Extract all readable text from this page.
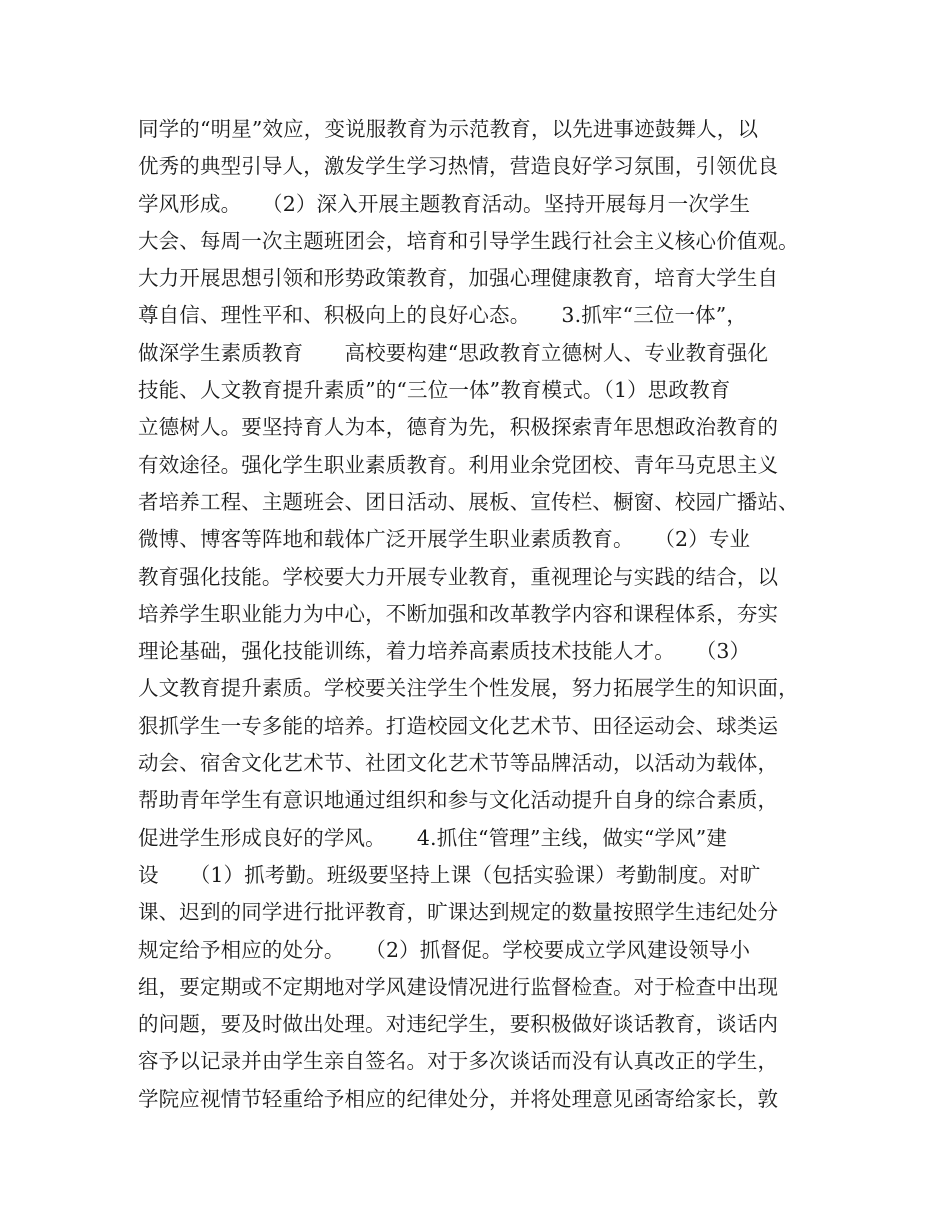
同学的“明星”效应，变说服教育为示范教育，以先进事迹鼓舞人，以
优秀的典型引导人，激发学生学习热情，营造良好学习氛围，引领优良
学风形成。　　（2）深入开展主题教育活动。坚持开展每月一次学生
大会、每周一次主题班团会，培育和引导学生践行社会主义核心价值观。
大力开展思想引领和形势政策教育，加强心理健康教育，培育大学生自
尊自信、理性平和、积极向上的良好心态。　　3.抓牢“三位一体”，
做深学生素质教育　　高校要构建“思政教育立德树人、专业教育强化
技能、人文教育提升素质”的“三位一体”教育模式。（1）思政教育
立德树人。要坚持育人为本，德育为先，积极探索青年思想政治教育的
有效途径。强化学生职业素质教育。利用业余党团校、青年马克思主义
者培养工程、主题班会、团日活动、展板、宣传栏、橱窗、校园广播站、
微博、博客等阵地和载体广泛开展学生职业素质教育。　　（2）专业
教育强化技能。学校要大力开展专业教育，重视理论与实践的结合，以
培养学生职业能力为中心，不断加强和改革教学内容和课程体系，夯实
理论基础，强化技能训练，着力培养高素质技术技能人才。　　（3）
人文教育提升素质。学校要关注学生个性发展，努力拓展学生的知识面，
狠抓学生一专多能的培养。打造校园文化艺术节、田径运动会、球类运
动会、宿舍文化艺术节、社团文化艺术节等品牌活动，以活动为载体，
帮助青年学生有意识地通过组织和参与文化活动提升自身的综合素质，
促进学生形成良好的学风。　　4.抓住“管理”主线，做实“学风”建
设　　（1）抓考勤。班级要坚持上课（包括实验课）考勤制度。对旷
课、迟到的同学进行批评教育，旷课达到规定的数量按照学生违纪处分
规定给予相应的处分。　　（2）抓督促。学校要成立学风建设领导小
组，要定期或不定期地对学风建设情况进行监督检查。对于检查中出现
的问题，要及时做出处理。对违纪学生，要积极做好谈话教育，谈话内
容予以记录并由学生亲自签名。对于多次谈话而没有认真改正的学生，
学院应视情节轻重给予相应的纪律处分，并将处理意见函寄给家长，敦
